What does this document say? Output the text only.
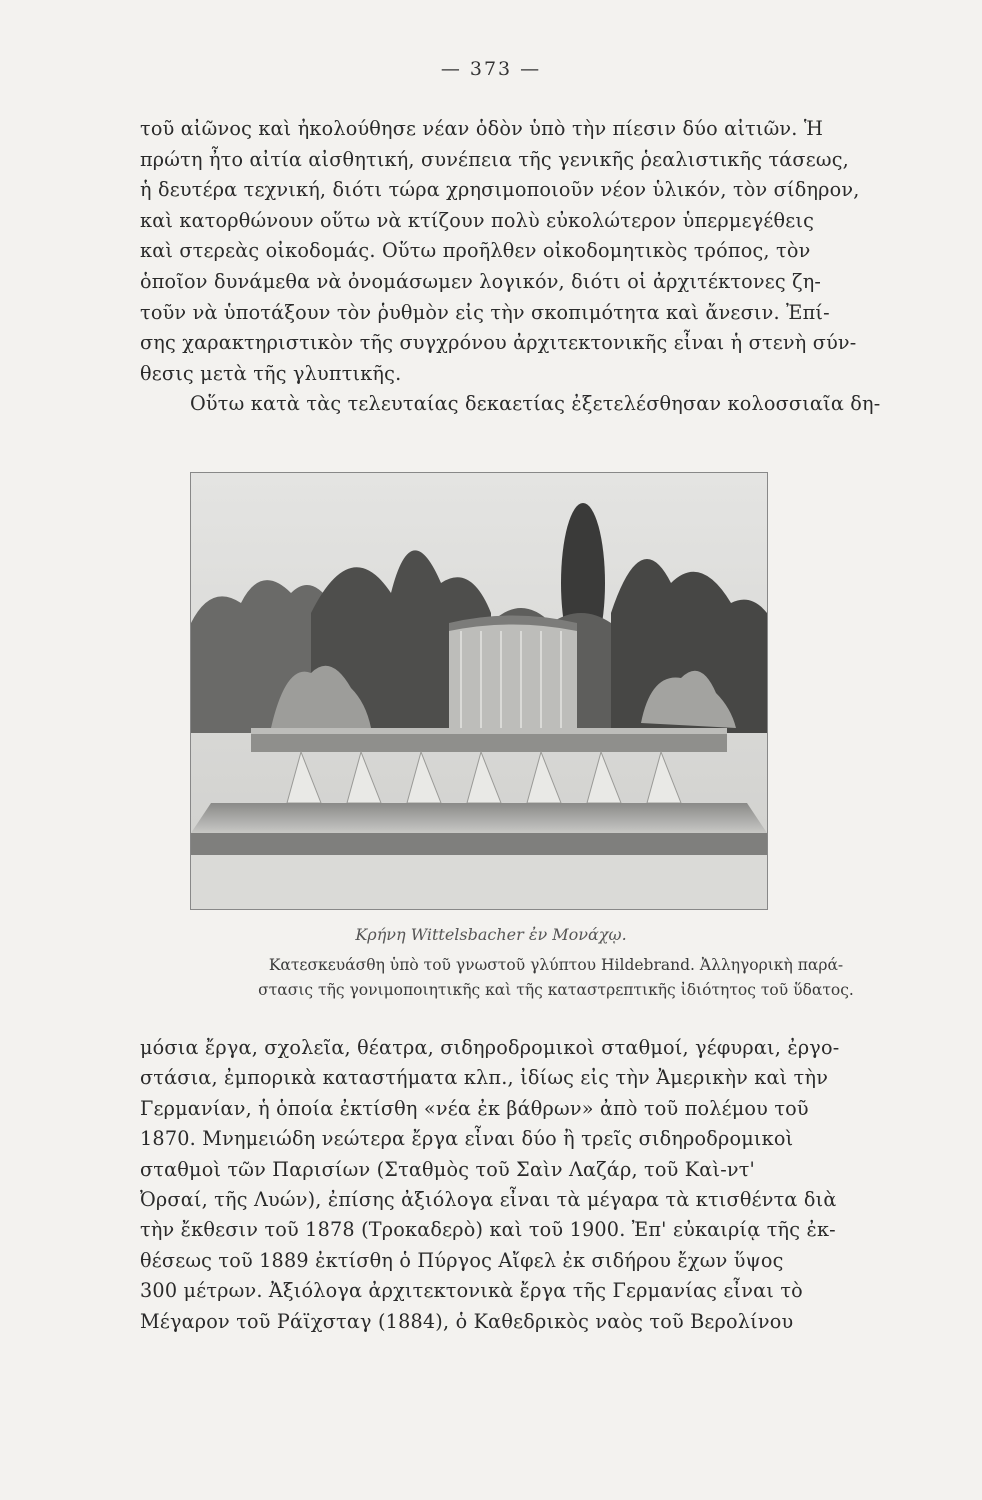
— 373 —
τοῦ αἰῶνος καὶ ἠκολούθησε νέαν ὁδὸν ὑπὸ τὴν πίεσιν δύο αἰτιῶν. Ἡ
πρώτη ἦτο αἰτία αἰσθητική, συνέπεια τῆς γενικῆς ῥεαλιστικῆς τάσεως,
ἡ δευτέρα τεχνική, διότι τώρα χρησιμοποιοῦν νέον ὑλικόν, τὸν σίδηρον,
καὶ κατορθώνουν οὕτω νὰ κτίζουν πολὺ εὐκολώτερον ὑπερμεγέθεις
καὶ στερεὰς οἰκοδομάς. Οὕτω προῆλθεν οἰκοδομητικὸς τρόπος, τὸν
ὁποῖον δυνάμεθα νὰ ὀνομάσωμεν λογικόν, διότι οἱ ἀρχιτέκτονες ζη-
τοῦν νὰ ὑποτάξουν τὸν ῥυθμὸν εἰς τὴν σκοπιμότητα καὶ ἄνεσιν. Ἐπί-
σης χαρακτηριστικὸν τῆς συγχρόνου ἀρχιτεκτονικῆς εἶναι ἡ στενὴ σύν-
θεσις μετὰ τῆς γλυπτικῆς.
Οὕτω κατὰ τὰς τελευταίας δεκαετίας ἐξετελέσθησαν κολοσσιαῖα δη-
Κρήνη Wittelsbacher ἐν Μονάχῳ.
Κατεσκευάσθη ὑπὸ τοῦ γνωστοῦ γλύπτου Hildebrand. Ἀλληγορικὴ παρά-
στασις τῆς γονιμοποιητικῆς καὶ τῆς καταστρεπτικῆς ἰδιότητος τοῦ ὕδατος.
μόσια ἔργα, σχολεῖα, θέατρα, σιδηροδρομικοὶ σταθμοί, γέφυραι, ἐργο-
στάσια, ἐμπορικὰ καταστήματα κλπ., ἰδίως εἰς τὴν Ἀμερικὴν καὶ τὴν
Γερμανίαν, ἡ ὁποία ἐκτίσθη «νέα ἐκ βάθρων» ἀπὸ τοῦ πολέμου τοῦ
1870. Μνημειώδη νεώτερα ἔργα εἶναι δύο ἢ τρεῖς σιδηροδρομικοὶ
σταθμοὶ τῶν Παρισίων (Σταθμὸς τοῦ Σαὶν Λαζάρ, τοῦ Καὶ-ντ'
Ὀρσαί, τῆς Λυών), ἐπίσης ἀξιόλογα εἶναι τὰ μέγαρα τὰ κτισθέντα διὰ
τὴν ἔκθεσιν τοῦ 1878 (Τροκαδερὸ) καὶ τοῦ 1900. Ἐπ' εὐκαιρίᾳ τῆς ἐκ-
θέσεως τοῦ 1889 ἐκτίσθη ὁ Πύργος Αἴφελ ἐκ σιδήρου ἔχων ὕψος
300 μέτρων. Ἀξιόλογα ἀρχιτεκτονικὰ ἔργα τῆς Γερμανίας εἶναι τὸ
Μέγαρον τοῦ Ράϊχσταγ (1884), ὁ Καθεδρικὸς ναὸς τοῦ Βερολίνου
